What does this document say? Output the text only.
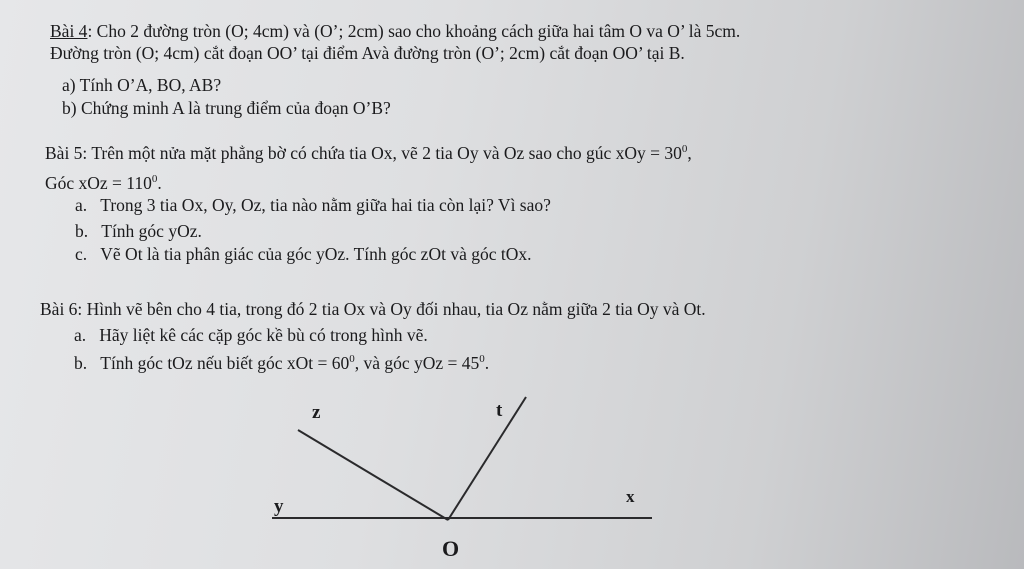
Bài 4: Cho 2 đường tròn (O; 4cm) và (O’; 2cm) sao cho khoảng cách giữa hai tâm O va O’ là 5cm.
Đường tròn (O; 4cm) cắt đoạn OO’ tại điểm Avà đường tròn (O’; 2cm) cắt đoạn OO’ tại B.
a) Tính O’A, BO, AB?
b) Chứng minh A là trung điểm của đoạn O’B?
Bài 5: Trên một nửa mặt phẳng bờ có chứa tia Ox, vẽ 2 tia Oy và Oz sao cho gúc xOy = $30^0$,
Góc xOz = $110^0$.
a. Trong 3 tia Ox, Oy, Oz, tia nào nằm giữa hai tia còn lại? Vì sao?
b. Tính góc yOz.
c. Vẽ Ot là tia phân giác của góc yOz. Tính góc zOt và góc tOx.
Bài 6: Hình vẽ bên cho 4 tia, trong đó 2 tia Ox và Oy đối nhau, tia Oz nằm giữa 2 tia Oy và Ot.
a. Hãy liệt kê các cặp góc kề bù có trong hình vẽ.
b. Tính góc tOz nếu biết góc xOt = $60^0$, và góc yOz = $45^0$.
z	t
y	x
O
